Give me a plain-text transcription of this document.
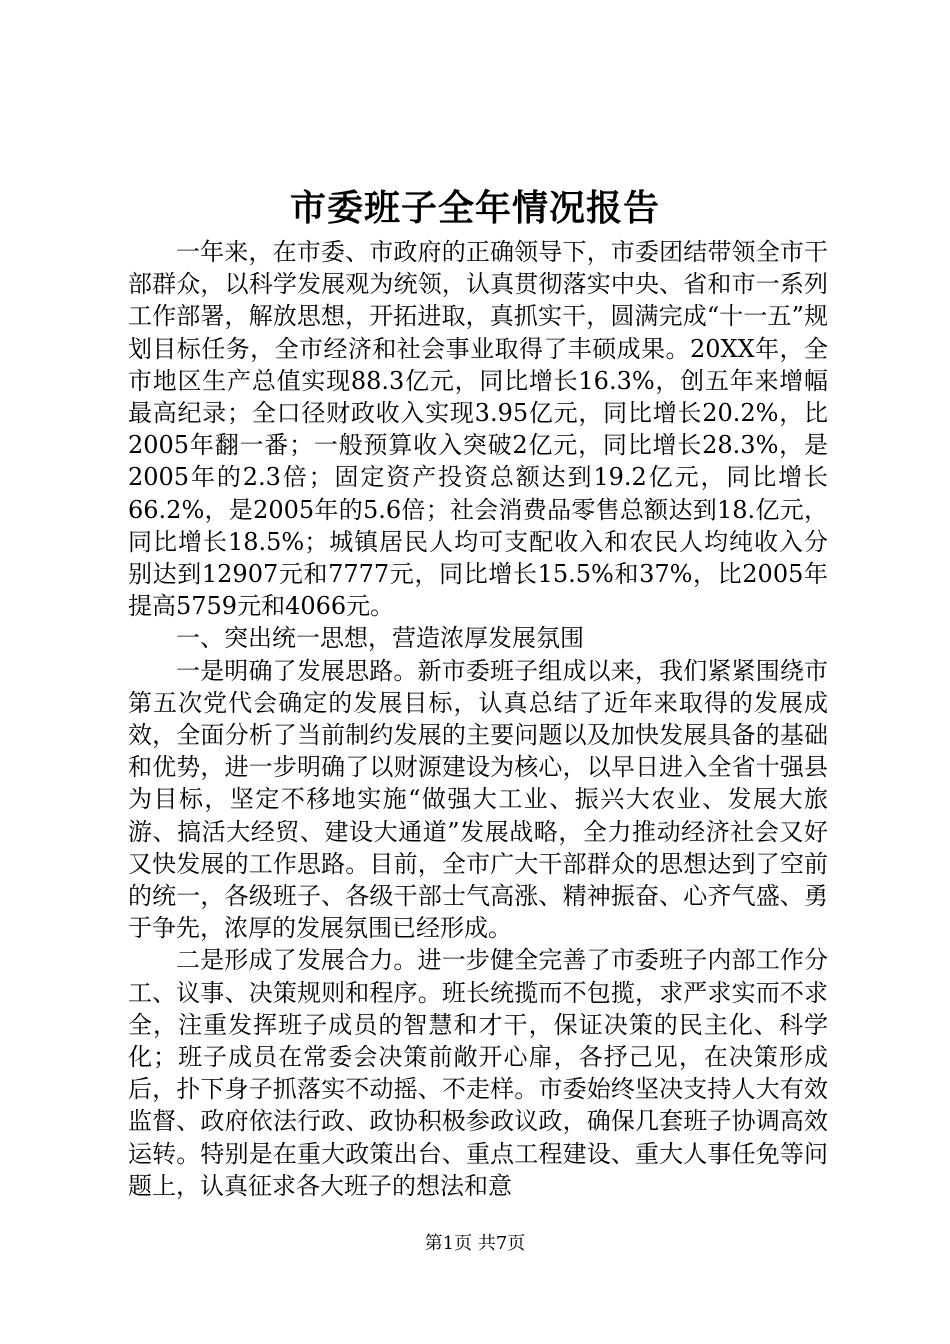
市委班子全年情况报告

一年来，在市委、市政府的正确领导下，市委团结带领全市干部群众，以科学发展观为统领，认真贯彻落实中央、省和市一系列工作部署，解放思想，开拓进取，真抓实干，圆满完成“十一五”规划目标任务，全市经济和社会事业取得了丰硕成果。20XX年，全市地区生产总值实现88.3亿元，同比增长16.3%，创五年来增幅最高纪录；全口径财政收入实现3.95亿元，同比增长20.2%，比2005年翻一番；一般预算收入突破2亿元，同比增长28.3%，是2005年的2.3倍；固定资产投资总额达到19.2亿元，同比增长66.2%，是2005年的5.6倍；社会消费品零售总额达到18.亿元，同比增长18.5%；城镇居民人均可支配收入和农民人均纯收入分别达到12907元和7777元，同比增长15.5%和37%，比2005年提高5759元和4066元。

一、突出统一思想，营造浓厚发展氛围

一是明确了发展思路。新市委班子组成以来，我们紧紧围绕市第五次党代会确定的发展目标，认真总结了近年来取得的发展成效，全面分析了当前制约发展的主要问题以及加快发展具备的基础和优势，进一步明确了以财源建设为核心，以早日进入全省十强县为目标，坚定不移地实施“做强大工业、振兴大农业、发展大旅游、搞活大经贸、建设大通道”发展战略，全力推动经济社会又好又快发展的工作思路。目前，全市广大干部群众的思想达到了空前的统一，各级班子、各级干部士气高涨、精神振奋、心齐气盛、勇于争先，浓厚的发展氛围已经形成。

二是形成了发展合力。进一步健全完善了市委班子内部工作分工、议事、决策规则和程序。班长统揽而不包揽，求严求实而不求全，注重发挥班子成员的智慧和才干，保证决策的民主化、科学化；班子成员在常委会决策前敞开心扉，各抒己见，在决策形成后，扑下身子抓落实不动摇、不走样。市委始终坚决支持人大有效监督、政府依法行政、政协积极参政议政，确保几套班子协调高效运转。特别是在重大政策出台、重点工程建设、重大人事任免等问题上，认真征求各大班子的想法和意

第1页 共7页
